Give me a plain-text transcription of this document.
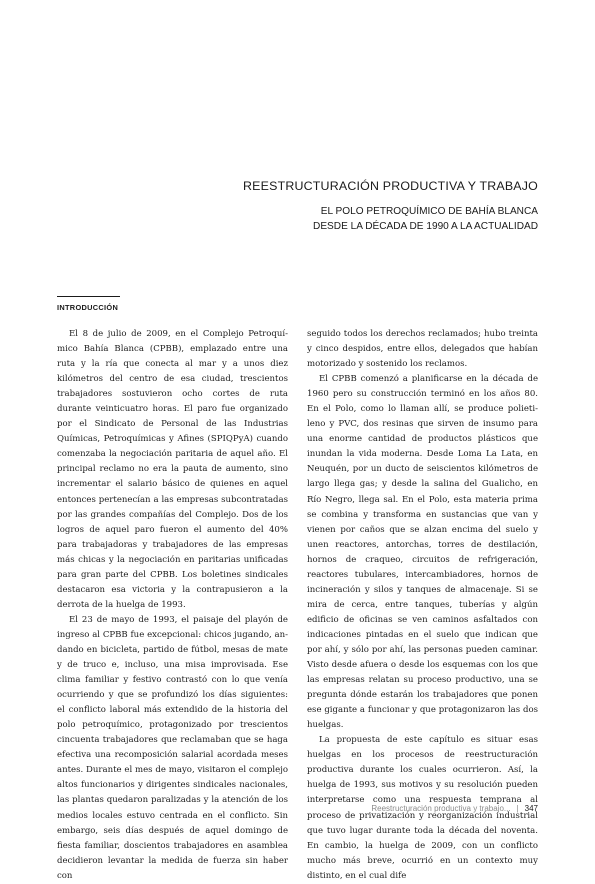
REESTRUCTURACIÓN PRODUCTIVA Y TRABAJO
EL POLO PETROQUÍMICO DE BAHÍA BLANCA
DESDE LA DÉCADA DE 1990 A LA ACTUALIDAD
INTRODUCCIÓN

El 8 de julio de 2009, en el Complejo Petroquímico Bahía Blanca (CPBB), emplazado entre una ruta y la ría que conecta al mar y a unos diez kilómetros del centro de esa ciudad, trescientos trabajadores sostuvieron ocho cortes de ruta durante veinticuatro horas. El paro fue organizado por el Sindicato de Personal de las Industrias Químicas, Petroquímicas y Afines (SPIQPyA) cuando comenzaba la negociación paritaria de aquel año. El principal reclamo no era la pauta de aumento, sino incrementar el salario básico de quienes en aquel entonces pertenecían a las empresas subcontratadas por las grandes compañías del Complejo. Dos de los logros de aquel paro fueron el aumento del 40% para trabajadoras y trabajadores de las empresas más chicas y la negociación en paritarias unificadas para gran parte del CPBB. Los boletines sindicales destacaron esa victoria y la contrapusieron a la derrota de la huelga de 1993.

El 23 de mayo de 1993, el paisaje del playón de ingreso al CPBB fue excepcional: chicos jugando, andando en bicicleta, partido de fútbol, mesas de mate y de truco e, incluso, una misa improvisada. Ese clima familiar y festivo contrastó con lo que venía ocurriendo y que se profundizó los días siguientes: el conflicto laboral más extendido de la historia del polo petroquímico, protagonizado por trescientos cincuenta trabajadores que reclamaban que se haga efectiva una recomposición salarial acordada meses antes. Durante el mes de mayo, visitaron el complejo altos funcionarios y dirigentes sindicales nacionales, las plantas quedaron paralizadas y la atención de los medios locales estuvo centrada en el conflicto. Sin embargo, seis días después de aquel domingo de fiesta familiar, doscientos trabajadores en asamblea decidieron levantar la medida de fuerza sin haber con

seguido todos los derechos reclamados; hubo treinta y cinco despidos, entre ellos, delegados que habían motorizado y sostenido los reclamos.

El CPBB comenzó a planificarse en la década de 1960 pero su construcción terminó en los años 80. En el Polo, como lo llaman allí, se produce polietileno y PVC, dos resinas que sirven de insumo para una enorme cantidad de productos plásticos que inundan la vida moderna. Desde Loma La Lata, en Neuquén, por un ducto de seiscientos kilómetros de largo llega gas; y desde la salina del Gualicho, en Río Negro, llega sal. En el Polo, esta materia prima se combina y transforma en sustancias que van y vienen por caños que se alzan encima del suelo y unen reactores, antorchas, torres de destilación, hornos de craqueo, circuitos de refrigeración, reactores tubulares, intercambiadores, hornos de incineración y silos y tanques de almacenaje. Si se mira de cerca, entre tanques, tuberías y algún edificio de oficinas se ven caminos asfaltados con indicaciones pintadas en el suelo que indican que por ahí, y sólo por ahí, las personas pueden caminar. Visto desde afuera o desde los esquemas con los que las empresas relatan su proceso productivo, una se pregunta dónde estarán los trabajadores que ponen ese gigante a funcionar y que protagonizaron las dos huelgas.

La propuesta de este capítulo es situar esas huelgas en los procesos de reestructuración productiva durante los cuales ocurrieron. Así, la huelga de 1993, sus motivos y su resolución pueden interpretarse como una respuesta temprana al proceso de privatización y reorganización industrial que tuvo lugar durante toda la década del noventa. En cambio, la huelga de 2009, con un conflicto mucho más breve, ocurrió en un contexto muy distinto, en el cual dife

Reestructuración productiva y trabajo... | 347
